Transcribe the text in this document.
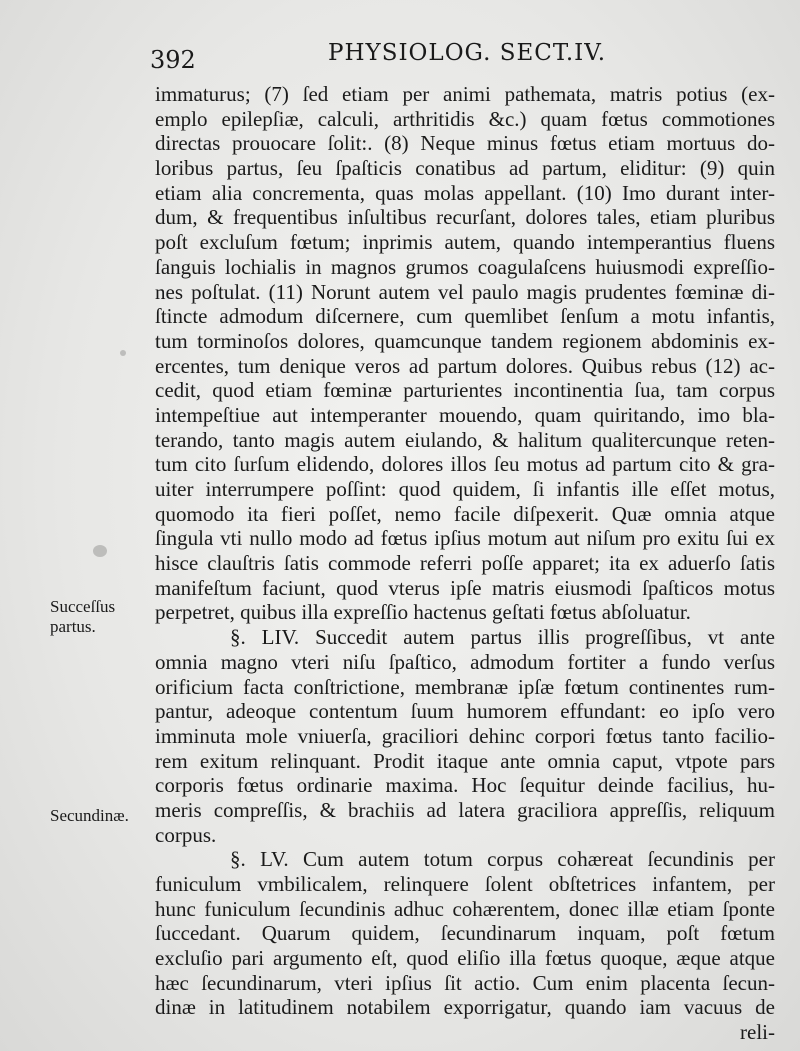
392	PHYSIOLOG. SECT.IV.
Succeſſus partus.
Secundinæ.
immaturus; (7) ſed etiam per animi pathemata, matris potius (ex-
emplo epilepſiæ, calculi, arthritidis &c.) quam fœtus commotiones
directas prouocare ſolit:. (8) Neque minus fœtus etiam mortuus do-
loribus partus, ſeu ſpaſticis conatibus ad partum, eliditur: (9) quin
etiam alia concrementa, quas molas appellant. (10) Imo durant inter-
dum, & frequentibus inſultibus recurſant, dolores tales, etiam pluribus
poſt excluſum fœtum; inprimis autem, quando intemperantius fluens
ſanguis lochialis in magnos grumos coagulaſcens huiusmodi expreſſio-
nes poſtulat. (11) Norunt autem vel paulo magis prudentes fœminæ di-
ſtincte admodum diſcernere, cum quemlibet ſenſum a motu infantis,
tum torminoſos dolores, quamcunque tandem regionem abdominis ex-
ercentes, tum denique veros ad partum dolores. Quibus rebus (12) ac-
cedit, quod etiam fœminæ parturientes incontinentia ſua, tam corpus
intempeſtiue aut intemperanter mouendo, quam quiritando, imo bla-
terando, tanto magis autem eiulando, & halitum qualitercunque reten-
tum cito ſurſum elidendo, dolores illos ſeu motus ad partum cito & gra-
uiter interrumpere poſſint: quod quidem, ſi infantis ille eſſet motus,
quomodo ita fieri poſſet, nemo facile diſpexerit. Quæ omnia atque
ſingula vti nullo modo ad fœtus ipſius motum aut niſum pro exitu ſui ex
hisce clauſtris ſatis commode referri poſſe apparet; ita ex aduerſo ſatis
manifeſtum faciunt, quod vterus ipſe matris eiusmodi ſpaſticos motus
perpetret, quibus illa expreſſio hactenus geſtati fœtus abſoluatur.
§. LIV. Succedit autem partus illis progreſſibus, vt ante
omnia magno vteri niſu ſpaſtico, admodum fortiter a fundo verſus
orificium facta conſtrictione, membranæ ipſæ fœtum continentes rum-
pantur, adeoque contentum ſuum humorem effundant: eo ipſo vero
imminuta mole vniuerſa, graciliori dehinc corpori fœtus tanto facilio-
rem exitum relinquant. Prodit itaque ante omnia caput, vtpote pars
corporis fœtus ordinarie maxima. Hoc ſequitur deinde facilius, hu-
meris compreſſis, & brachiis ad latera graciliora appreſſis, reliquum
corpus.
§. LV. Cum autem totum corpus cohæreat ſecundinis per
funiculum vmbilicalem, relinquere ſolent obſtetrices infantem, per
hunc funiculum ſecundinis adhuc cohærentem, donec illæ etiam ſponte
ſuccedant. Quarum quidem, ſecundinarum inquam, poſt fœtum
excluſio pari argumento eſt, quod eliſio illa fœtus quoque, æque atque
hæc ſecundinarum, vteri ipſius ſit actio. Cum enim placenta ſecun-
dinæ in latitudinem notabilem exporrigatur, quando iam vacuus de
reli-
